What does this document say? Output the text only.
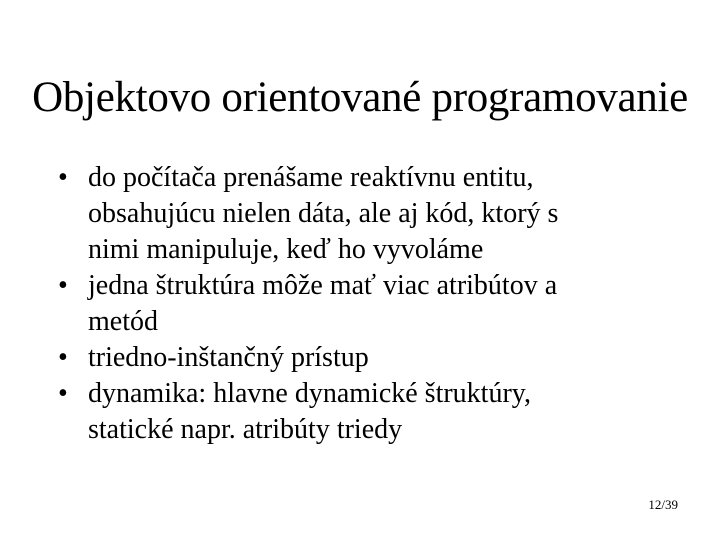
Objektovo orientované programovanie
• do počítača prenášame reaktívnu entitu,
obsahujúcu nielen dáta, ale aj kód, ktorý s
nimi manipuluje, keď ho vyvoláme
• jedna štruktúra môže mať viac atribútov a
metód
• triedno-inštančný prístup
• dynamika: hlavne dynamické štruktúry,
statické napr. atribúty triedy
12/39
